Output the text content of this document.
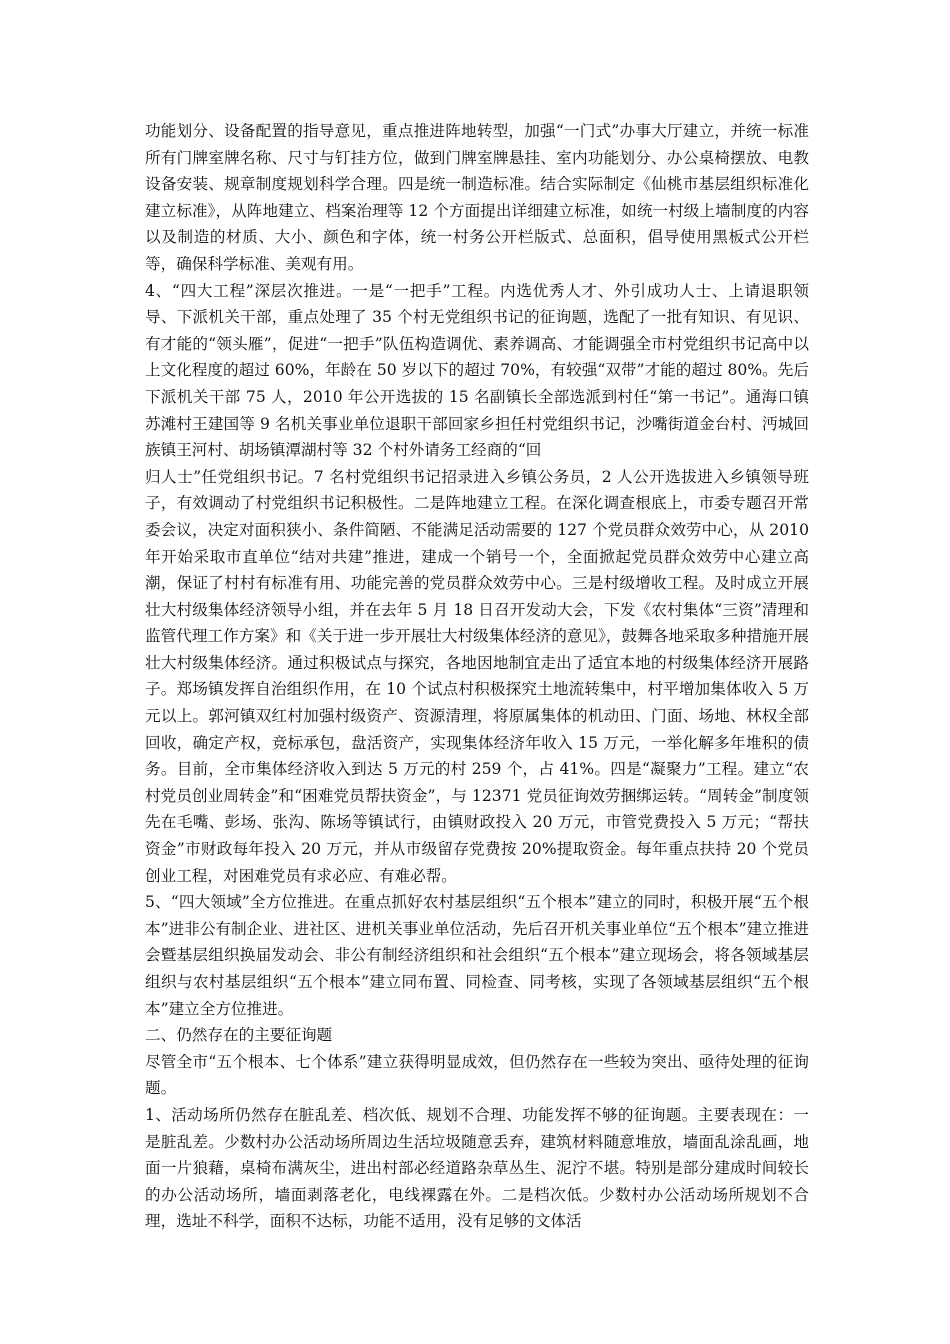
功能划分、设备配置的指导意见，重点推进阵地转型，加强“一门式”办事大厅建立，并统一标准所有门牌室牌名称、尺寸与钉挂方位，做到门牌室牌悬挂、室内功能划分、办公桌椅摆放、电教设备安装、规章制度规划科学合理。四是统一制造标准。结合实际制定《仙桃市基层组织标准化建立标准》，从阵地建立、档案治理等 12 个方面提出详细建立标准，如统一村级上墙制度的内容以及制造的材质、大小、颜色和字体，统一村务公开栏版式、总面积，倡导使用黑板式公开栏等，确保科学标准、美观有用。

4、“四大工程”深层次推进。一是“一把手”工程。内选优秀人才、外引成功人士、上请退职领导、下派机关干部，重点处理了 35 个村无党组织书记的征询题，选配了一批有知识、有见识、有才能的“领头雁”，促进“一把手”队伍构造调优、素养调高、才能调强全市村党组织书记高中以上文化程度的超过 60%，年龄在 50 岁以下的超过 70%，有较强“双带”才能的超过 80%。先后下派机关干部 75 人，2010 年公开选拔的 15 名副镇长全部选派到村任“第一书记”。通海口镇苏滩村王建国等 9 名机关事业单位退职干部回家乡担任村党组织书记，沙嘴街道金台村、沔城回族镇王河村、胡场镇潭湖村等 32 个村外请务工经商的“回

归人士”任党组织书记。7 名村党组织书记招录进入乡镇公务员，2 人公开选拔进入乡镇领导班子，有效调动了村党组织书记积极性。二是阵地建立工程。在深化调查根底上，市委专题召开常委会议，决定对面积狭小、条件简陋、不能满足活动需要的 127 个党员群众效劳中心，从 2010 年开始采取市直单位“结对共建”推进，建成一个销号一个，全面掀起党员群众效劳中心建立高潮，保证了村村有标准有用、功能完善的党员群众效劳中心。三是村级增收工程。及时成立开展壮大村级集体经济领导小组，并在去年 5 月 18 日召开发动大会，下发《农村集体“三资”清理和监管代理工作方案》和《关于进一步开展壮大村级集体经济的意见》，鼓舞各地采取多种措施开展壮大村级集体经济。通过积极试点与探究，各地因地制宜走出了适宜本地的村级集体经济开展路子。郑场镇发挥自治组织作用，在 10 个试点村积极探究土地流转集中，村平增加集体收入 5 万元以上。郭河镇双红村加强村级资产、资源清理，将原属集体的机动田、门面、场地、林权全部回收，确定产权，竞标承包，盘活资产，实现集体经济年收入 15 万元，一举化解多年堆积的债务。目前，全市集体经济收入到达 5 万元的村 259 个，占 41%。四是“凝聚力”工程。建立“农村党员创业周转金”和“困难党员帮扶资金”，与 12371 党员征询效劳捆绑运转。“周转金”制度领先在毛嘴、彭场、张沟、陈场等镇试行，由镇财政投入 20 万元，市管党费投入 5 万元；“帮扶资金”市财政每年投入 20 万元，并从市级留存党费按 20%提取资金。每年重点扶持 20 个党员创业工程，对困难党员有求必应、有难必帮。

5、“四大领域”全方位推进。在重点抓好农村基层组织“五个根本”建立的同时，积极开展“五个根本”进非公有制企业、进社区、进机关事业单位活动，先后召开机关事业单位“五个根本”建立推进会暨基层组织换届发动会、非公有制经济组织和社会组织“五个根本”建立现场会，将各领域基层组织与农村基层组织“五个根本”建立同布置、同检查、同考核，实现了各领域基层组织“五个根本”建立全方位推进。

二、仍然存在的主要征询题

尽管全市“五个根本、七个体系”建立获得明显成效，但仍然存在一些较为突出、亟待处理的征询题。

1、活动场所仍然存在脏乱差、档次低、规划不合理、功能发挥不够的征询题。主要表现在：一是脏乱差。少数村办公活动场所周边生活垃圾随意丢弃，建筑材料随意堆放，墙面乱涂乱画，地面一片狼藉，桌椅布满灰尘，进出村部必经道路杂草丛生、泥泞不堪。特别是部分建成时间较长的办公活动场所，墙面剥落老化，电线裸露在外。二是档次低。少数村办公活动场所规划不合理，选址不科学，面积不达标，功能不适用，没有足够的文体活
